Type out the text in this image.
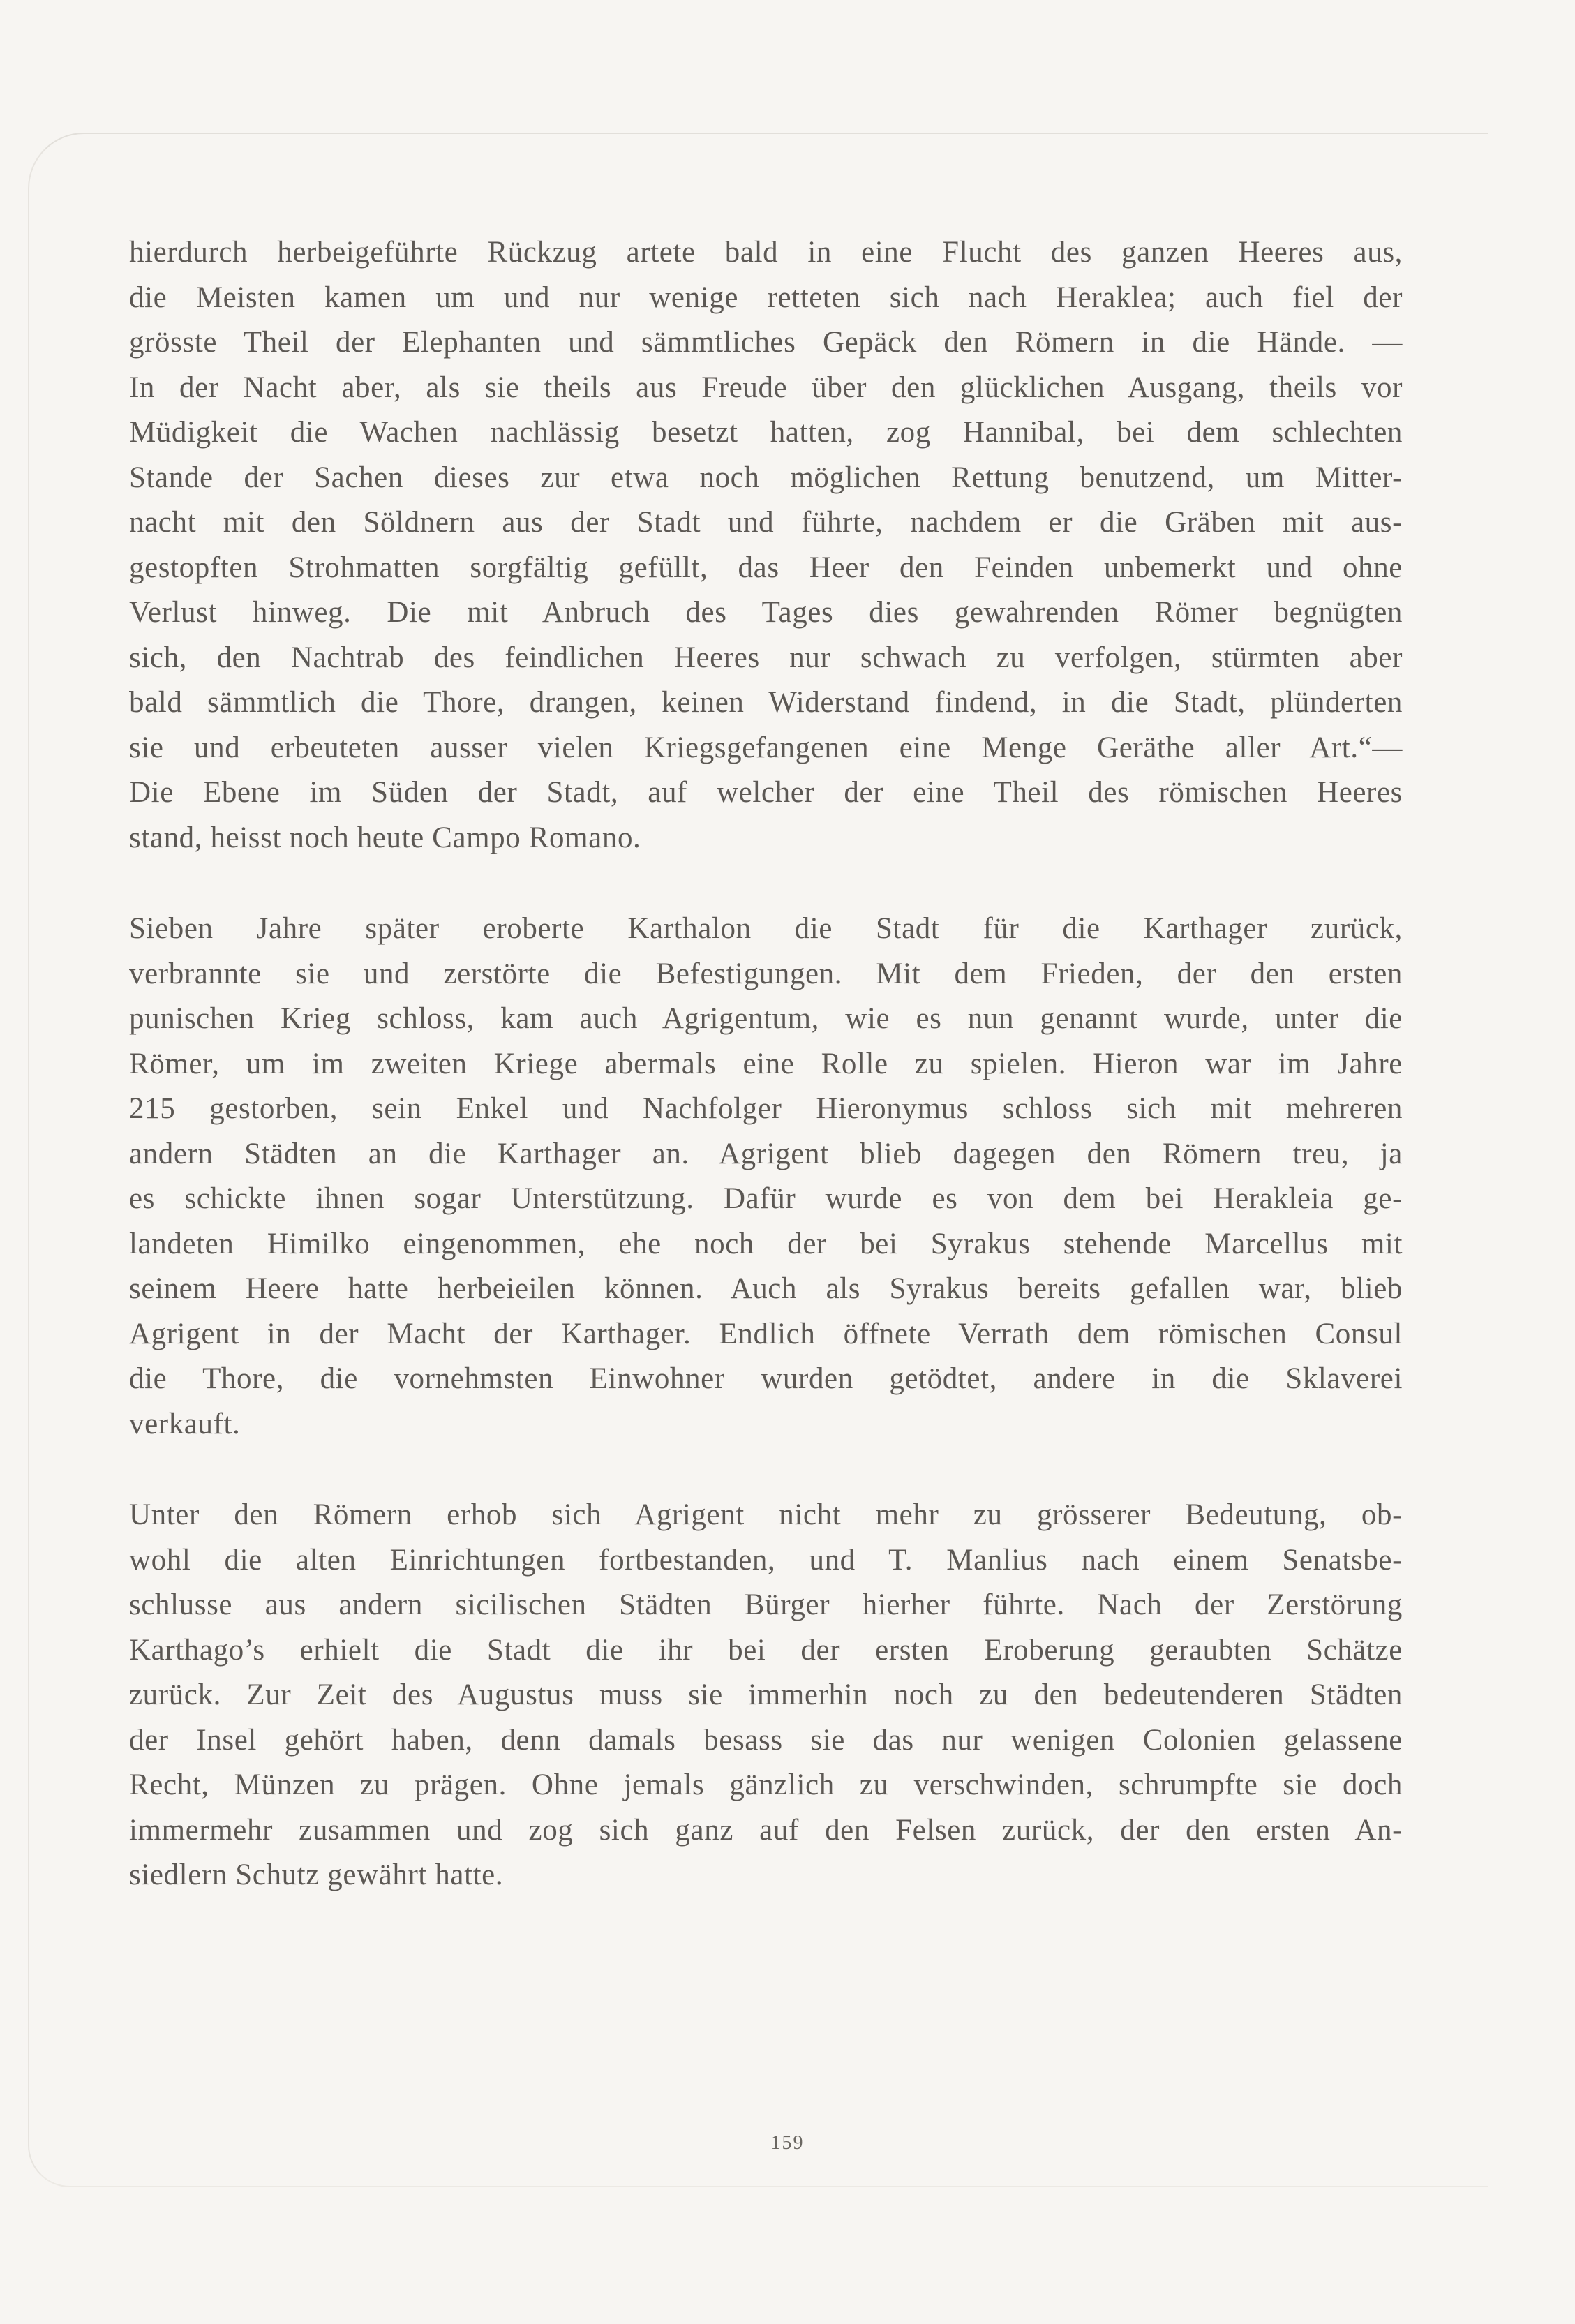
hierdurch herbeigeführte Rückzug artete bald in eine Flucht des ganzen Heeres aus,
die Meisten kamen um und nur wenige retteten sich nach Heraklea; auch fiel der
grösste Theil der Elephanten und sämmtliches Gepäck den Römern in die Hände. —
In der Nacht aber, als sie theils aus Freude über den glücklichen Ausgang, theils vor
Müdigkeit die Wachen nachlässig besetzt hatten, zog Hannibal, bei dem schlechten
Stande der Sachen dieses zur etwa noch möglichen Rettung benutzend, um Mitter-
nacht mit den Söldnern aus der Stadt und führte, nachdem er die Gräben mit aus-
gestopften Strohmatten sorgfältig gefüllt, das Heer den Feinden unbemerkt und ohne
Verlust hinweg. Die mit Anbruch des Tages dies gewahrenden Römer begnügten
sich, den Nachtrab des feindlichen Heeres nur schwach zu verfolgen, stürmten aber
bald sämmtlich die Thore, drangen, keinen Widerstand findend, in die Stadt, plünderten
sie und erbeuteten ausser vielen Kriegsgefangenen eine Menge Geräthe aller Art.“—
Die Ebene im Süden der Stadt, auf welcher der eine Theil des römischen Heeres
stand, heisst noch heute Campo Romano.

Sieben Jahre später eroberte Karthalon die Stadt für die Karthager zurück,
verbrannte sie und zerstörte die Befestigungen. Mit dem Frieden, der den ersten
punischen Krieg schloss, kam auch Agrigentum, wie es nun genannt wurde, unter die
Römer, um im zweiten Kriege abermals eine Rolle zu spielen. Hieron war im Jahre
215 gestorben, sein Enkel und Nachfolger Hieronymus schloss sich mit mehreren
andern Städten an die Karthager an. Agrigent blieb dagegen den Römern treu, ja
es schickte ihnen sogar Unterstützung. Dafür wurde es von dem bei Herakleia ge-
landeten Himilko eingenommen, ehe noch der bei Syrakus stehende Marcellus mit
seinem Heere hatte herbeieilen können. Auch als Syrakus bereits gefallen war, blieb
Agrigent in der Macht der Karthager. Endlich öffnete Verrath dem römischen Consul
die Thore, die vornehmsten Einwohner wurden getödtet, andere in die Sklaverei
verkauft.

Unter den Römern erhob sich Agrigent nicht mehr zu grösserer Bedeutung, ob-
wohl die alten Einrichtungen fortbestanden, und T. Manlius nach einem Senatsbe-
schlusse aus andern sicilischen Städten Bürger hierher führte. Nach der Zerstörung
Karthago’s erhielt die Stadt die ihr bei der ersten Eroberung geraubten Schätze
zurück. Zur Zeit des Augustus muss sie immerhin noch zu den bedeutenderen Städten
der Insel gehört haben, denn damals besass sie das nur wenigen Colonien gelassene
Recht, Münzen zu prägen. Ohne jemals gänzlich zu verschwinden, schrumpfte sie doch
immermehr zusammen und zog sich ganz auf den Felsen zurück, der den ersten An-
siedlern Schutz gewährt hatte.

159
